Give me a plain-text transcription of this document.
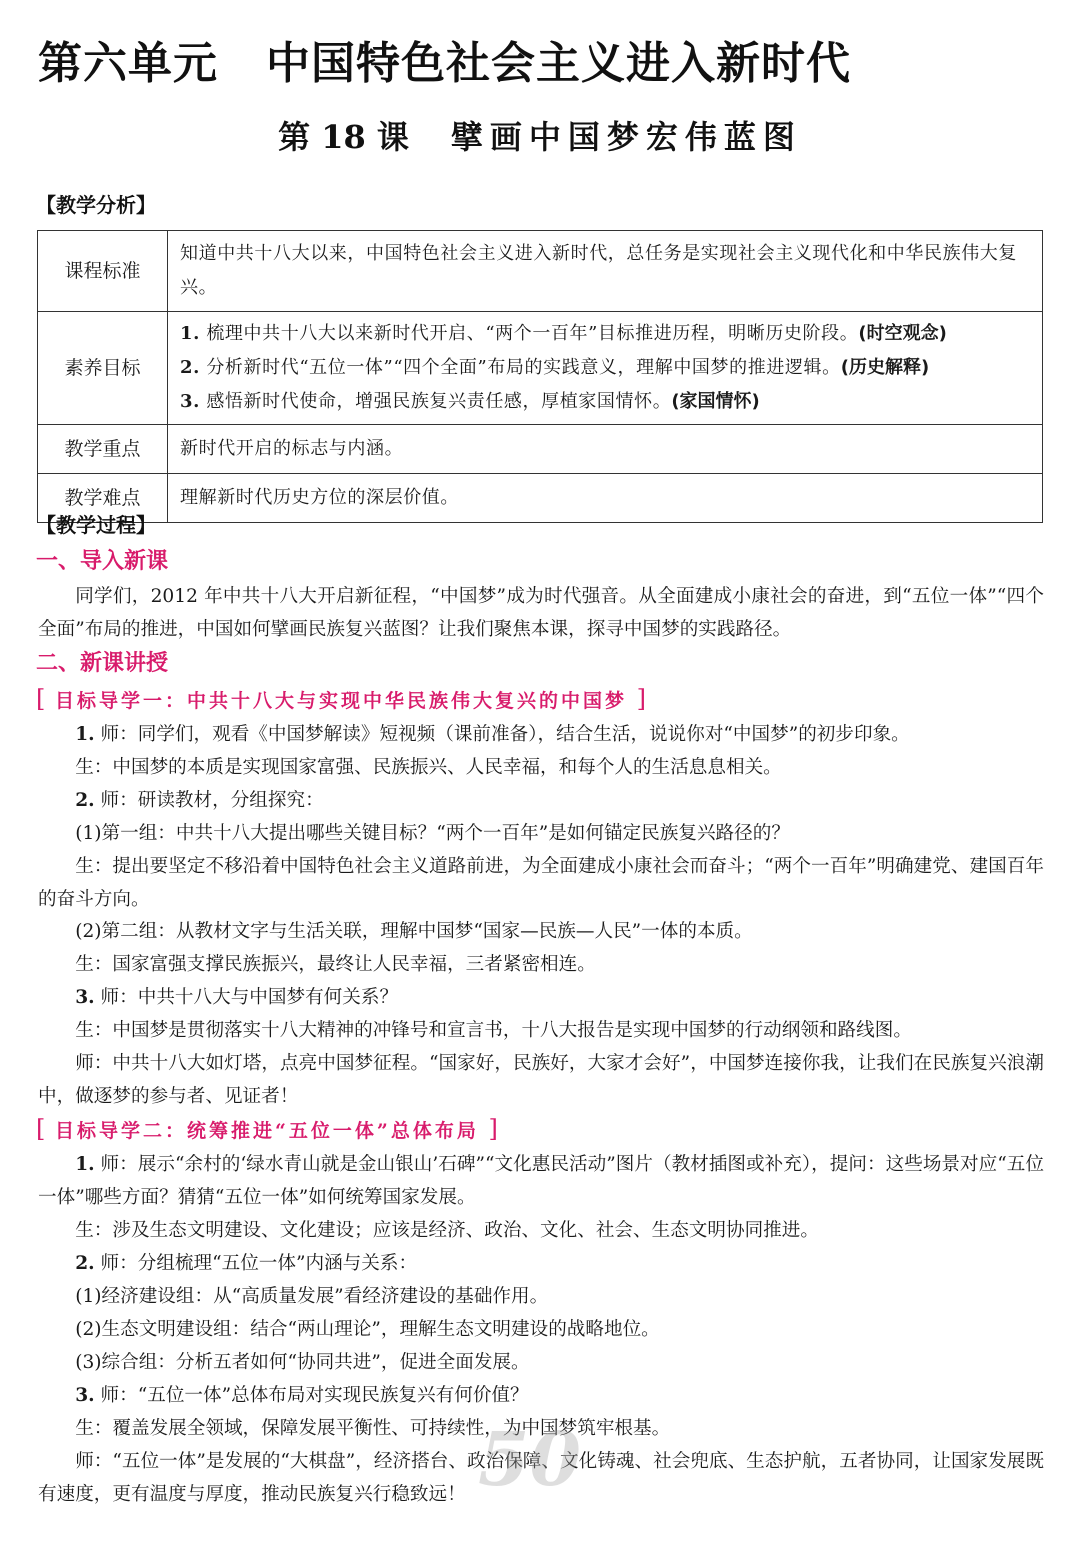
第六单元 中国特色社会主义进入新时代
第 18 课 擘画中国梦宏伟蓝图
【教学分析】
课程标准	知道中共十八大以来，中国特色社会主义进入新时代，总任务是实现社会主义现代化和中华民族伟大复兴。
素养目标	1. 梳理中共十八大以来新时代开启、“两个一百年”目标推进历程，明晰历史阶段。(时空观念)
2. 分析新时代“五位一体”“四个全面”布局的实践意义，理解中国梦的推进逻辑。(历史解释)
3. 感悟新时代使命，增强民族复兴责任感，厚植家国情怀。(家国情怀)

教学重点	新时代开启的标志与内涵。
教学难点	理解新时代历史方位的深层价值。
【教学过程】
一、导入新课
同学们，2012 年中共十八大开启新征程，“中国梦”成为时代强音。从全面建成小康社会的奋进，到“五位一体”“四个全面”布局的推进，中国如何擘画民族复兴蓝图？让我们聚焦本课，探寻中国梦的实践路径。
二、新课讲授
[ 目标导学一：中共十八大与实现中华民族伟大复兴的中国梦 ]
1. 师：同学们，观看《中国梦解读》短视频（课前准备），结合生活，说说你对“中国梦”的初步印象。
生：中国梦的本质是实现国家富强、民族振兴、人民幸福，和每个人的生活息息相关。
2. 师：研读教材，分组探究：
(1)第一组：中共十八大提出哪些关键目标？“两个一百年”是如何锚定民族复兴路径的？
生：提出要坚定不移沿着中国特色社会主义道路前进，为全面建成小康社会而奋斗；“两个一百年”明确建党、建国百年的奋斗方向。
(2)第二组：从教材文字与生活关联，理解中国梦“国家—民族—人民”一体的本质。
生：国家富强支撑民族振兴，最终让人民幸福，三者紧密相连。
3. 师：中共十八大与中国梦有何关系？
生：中国梦是贯彻落实十八大精神的冲锋号和宣言书，十八大报告是实现中国梦的行动纲领和路线图。
师：中共十八大如灯塔，点亮中国梦征程。“国家好，民族好，大家才会好”，中国梦连接你我，让我们在民族复兴浪潮中，做逐梦的参与者、见证者！
[ 目标导学二：统筹推进“五位一体”总体布局 ]
1. 师：展示“余村的‘绿水青山就是金山银山’石碑”“文化惠民活动”图片（教材插图或补充），提问：这些场景对应“五位一体”哪些方面？猜猜“五位一体”如何统筹国家发展。
生：涉及生态文明建设、文化建设；应该是经济、政治、文化、社会、生态文明协同推进。
2. 师：分组梳理“五位一体”内涵与关系：
(1)经济建设组：从“高质量发展”看经济建设的基础作用。
(2)生态文明建设组：结合“两山理论”，理解生态文明建设的战略地位。
(3)综合组：分析五者如何“协同共进”，促进全面发展。
3. 师：“五位一体”总体布局对实现民族复兴有何价值？
生：覆盖发展全领域，保障发展平衡性、可持续性，为中国梦筑牢根基。
师：“五位一体”是发展的“大棋盘”，经济搭台、政治保障、文化铸魂、社会兜底、生态护航，五者协同，让国家发展既有速度，更有温度与厚度，推动民族复兴行稳致远！ 50
